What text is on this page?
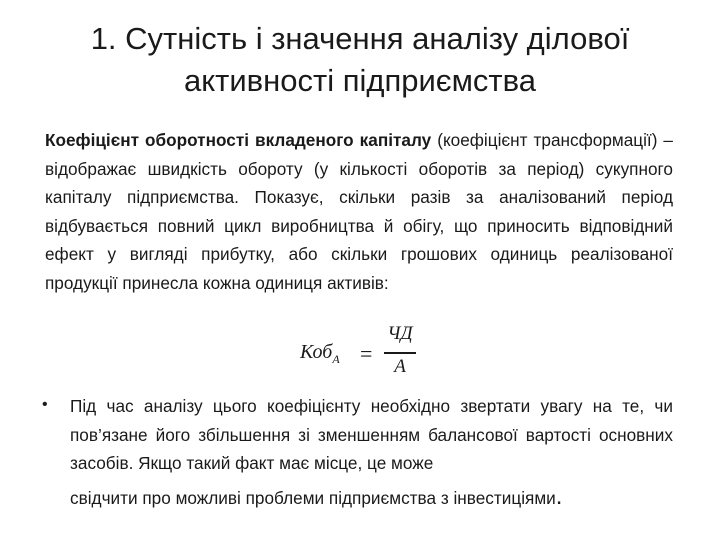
1. Сутність і значення аналізу ділової активності підприємства
Коефіцієнт оборотності вкладеного капіталу (коефіцієнт трансформації) – відображає швидкість обороту (у кількості оборотів за період) сукупного капіталу підприємства. Показує, скільки разів за аналізований період відбувається повний цикл виробництва й обігу, що приносить відповідний ефект у вигляді прибутку, або скільки грошових одиниць реалізованої продукції принесла кожна одиниця активів:
Коб$_А$ =
ЧД
А
• Під час аналізу цього коефіцієнту необхідно звертати увагу на те, чи пов’язане його збільшення зі зменшенням балансової вартості основних засобів. Якщо такий факт має місце, це може
свідчити про можливі проблеми підприємства з інвестиціями.
